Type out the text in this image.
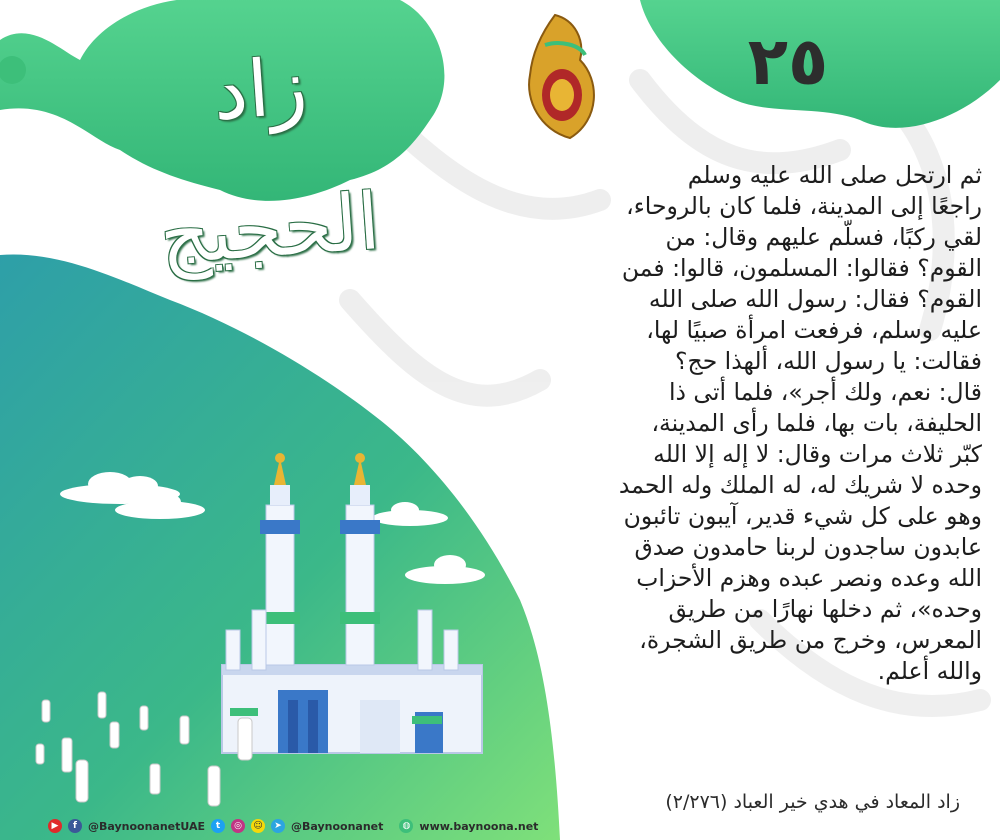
٢٥
زاد الحجيج
ثم ارتحل صلى الله عليه وسلم
راجعًا إلى المدينة، فلما كان بالروحاء،
لقي ركبًا، فسلّم عليهم وقال: من
القوم؟ فقالوا: المسلمون، قالوا: فمن
القوم؟ فقال: رسول الله صلى الله
عليه وسلم، فرفعت امرأة صبيًا لها،
فقالت: يا رسول الله، ألهذا حج؟
قال: نعم، ولك أجر»، فلما أتى ذا
الحليفة، بات بها، فلما رأى المدينة،
كبّر ثلاث مرات وقال: لا إله إلا الله
وحده لا شريك له، له الملك وله الحمد
وهو على كل شيء قدير، آيبون تائبون
عابدون ساجدون لربنا حامدون صدق
الله وعده ونصر عبده وهزم الأحزاب
وحده»، ثم دخلها نهارًا من طريق
المعرس، وخرج من طريق الشجرة،
والله أعلم.
زاد المعاد في هدي خير العباد (٢/٢٧٦)
▶	f	@BaynoonanetUAE	t	◎	☺	➤ @Baynoonanet	◍ www.baynoona.net
